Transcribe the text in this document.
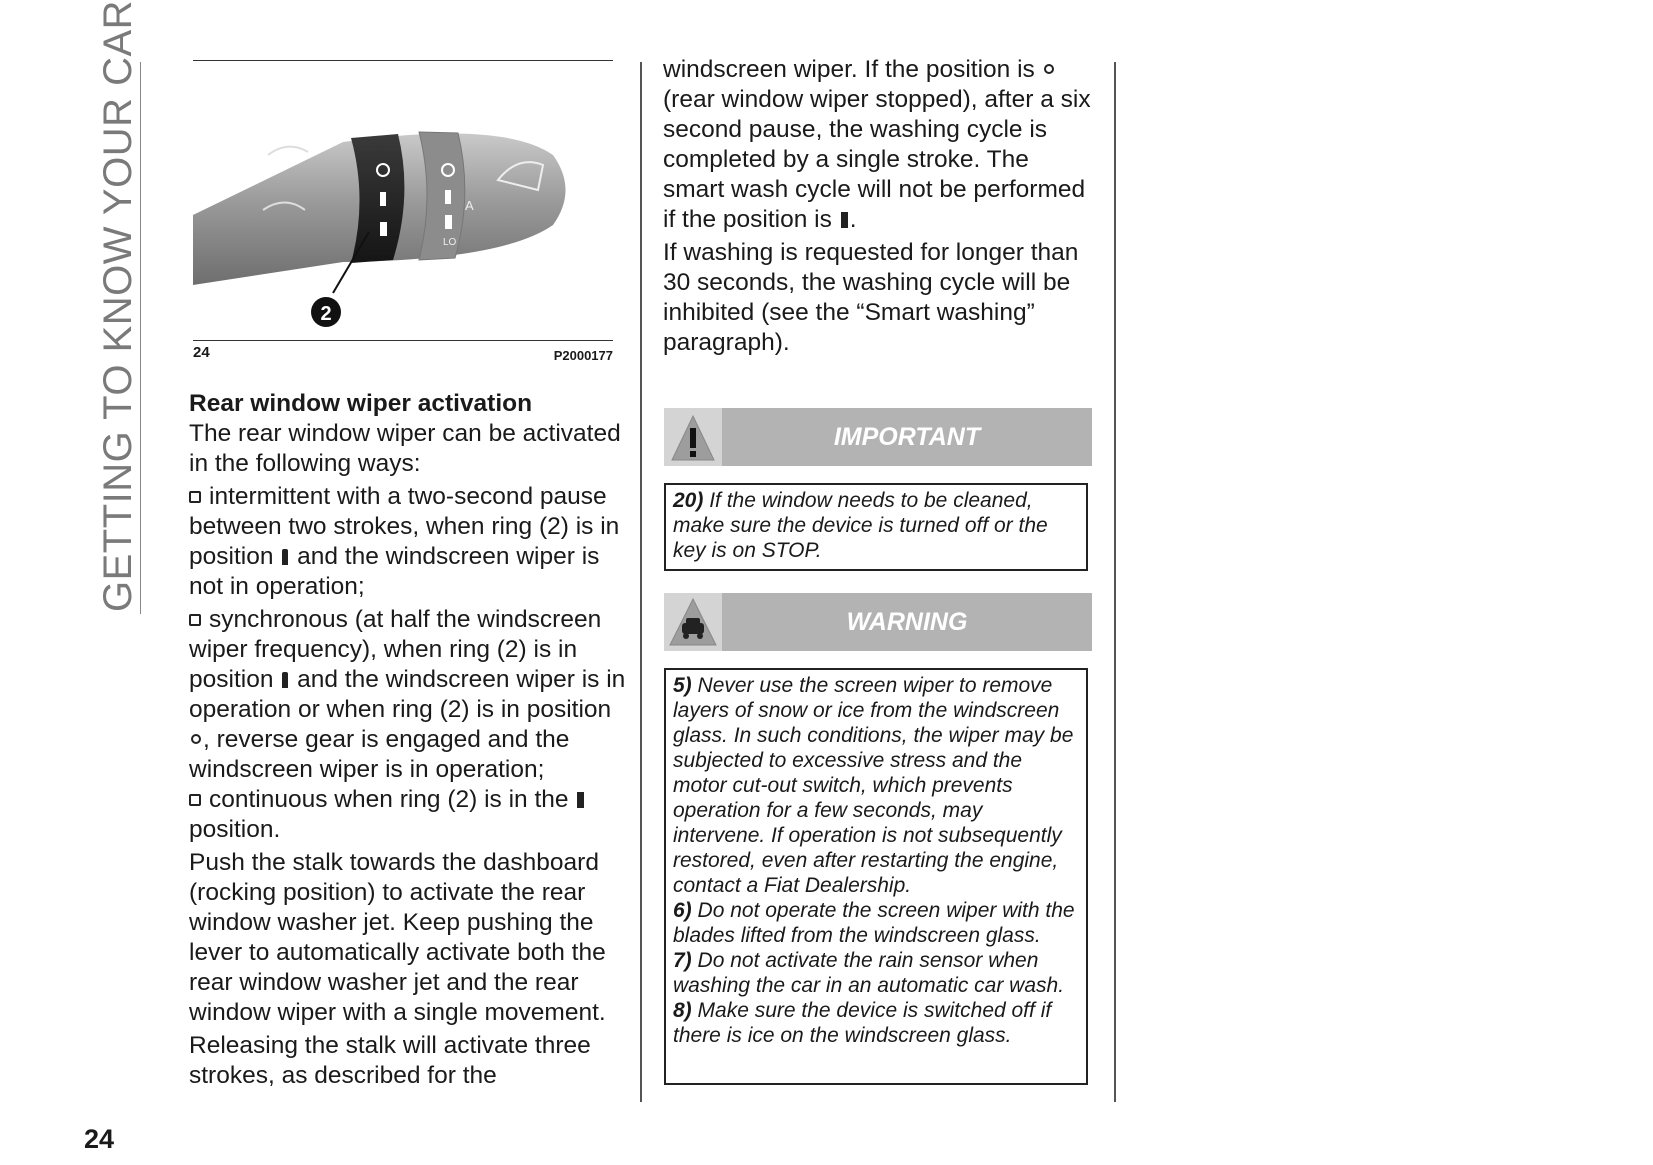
GETTING TO KNOW YOUR CAR
24
A
LO
2
24	P2000177
Rear window wiper activation

The rear window wiper can be activated in the following ways:

intermittent with a two-second pause between two strokes, when ring (2) is in position and the windscreen wiper is not in operation;

synchronous (at half the windscreen wiper frequency), when ring (2) is in position and the windscreen wiper is in operation or when ring (2) is in position , reverse gear is engaged and the windscreen wiper is in operation;

continuous when ring (2) is in the
position.

Push the stalk towards the dashboard (rocking position) to activate the rear window washer jet. Keep pushing the lever to automatically activate both the rear window washer jet and the rear window wiper with a single movement.

Releasing the stalk will activate three strokes, as described for the

windscreen wiper. If the position is  (rear window wiper stopped), after a six second pause, the washing cycle is completed by a single stroke. The smart wash cycle will not be performed if the position is .

If washing is requested for longer than 30 seconds, the washing cycle will be inhibited (see the “Smart washing” paragraph).

IMPORTANT

20) If the window needs to be cleaned, make sure the device is turned off or the key is on STOP.

WARNING

5) Never use the screen wiper to remove layers of snow or ice from the windscreen glass. In such conditions, the wiper may be subjected to excessive stress and the motor cut-out switch, which prevents operation for a few seconds, may intervene. If operation is not subsequently restored, even after restarting the engine, contact a Fiat Dealership.

6) Do not operate the screen wiper with the blades lifted from the windscreen glass.

7) Do not activate the rain sensor when washing the car in an automatic car wash.

8) Make sure the device is switched off if there is ice on the windscreen glass.
